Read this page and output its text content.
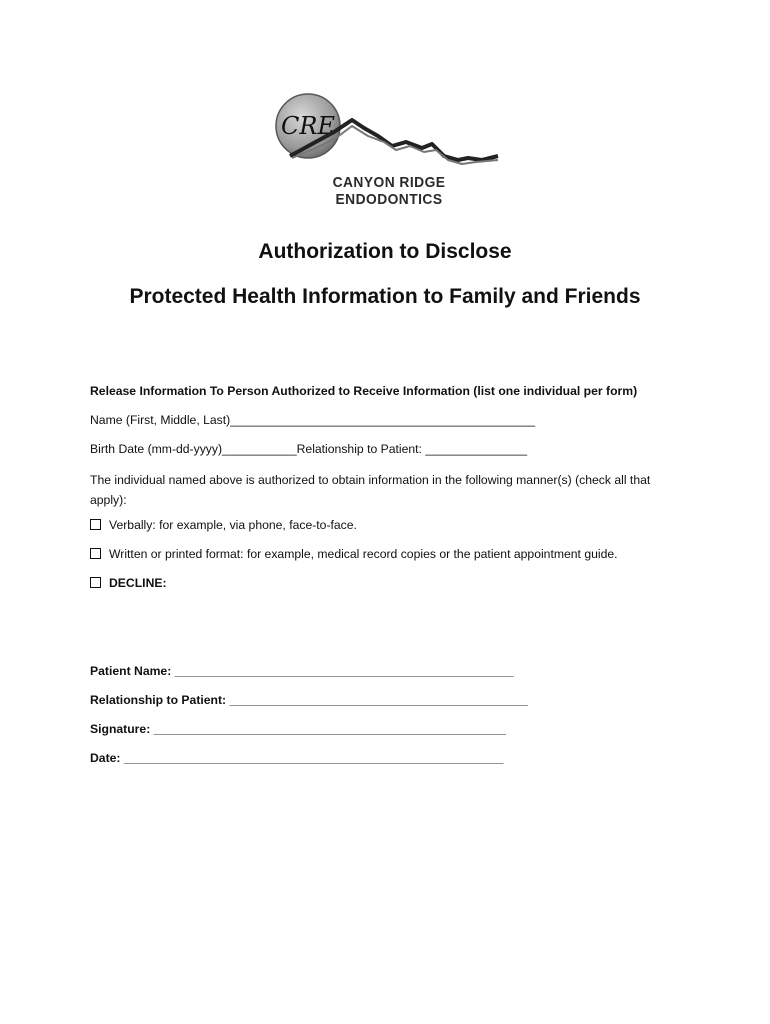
CRE
CANYON RIDGE ENDODONTICS
Authorization to Disclose
Protected Health Information to Family and Friends
Release Information To Person Authorized to Receive Information (list one individual per form)
Name (First, Middle, Last)_____________________________________________
Birth Date (mm-dd-yyyy)___________Relationship to Patient: _______________
The individual named above is authorized to obtain information in the following manner(s) (check all that apply):
Verbally: for example, via phone, face-to-face.
Written or printed format: for example, medical record copies or the patient appointment guide.
DECLINE:
Patient Name: __________________________________________________
Relationship to Patient: ____________________________________________
Signature: ____________________________________________________
Date: ________________________________________________________
